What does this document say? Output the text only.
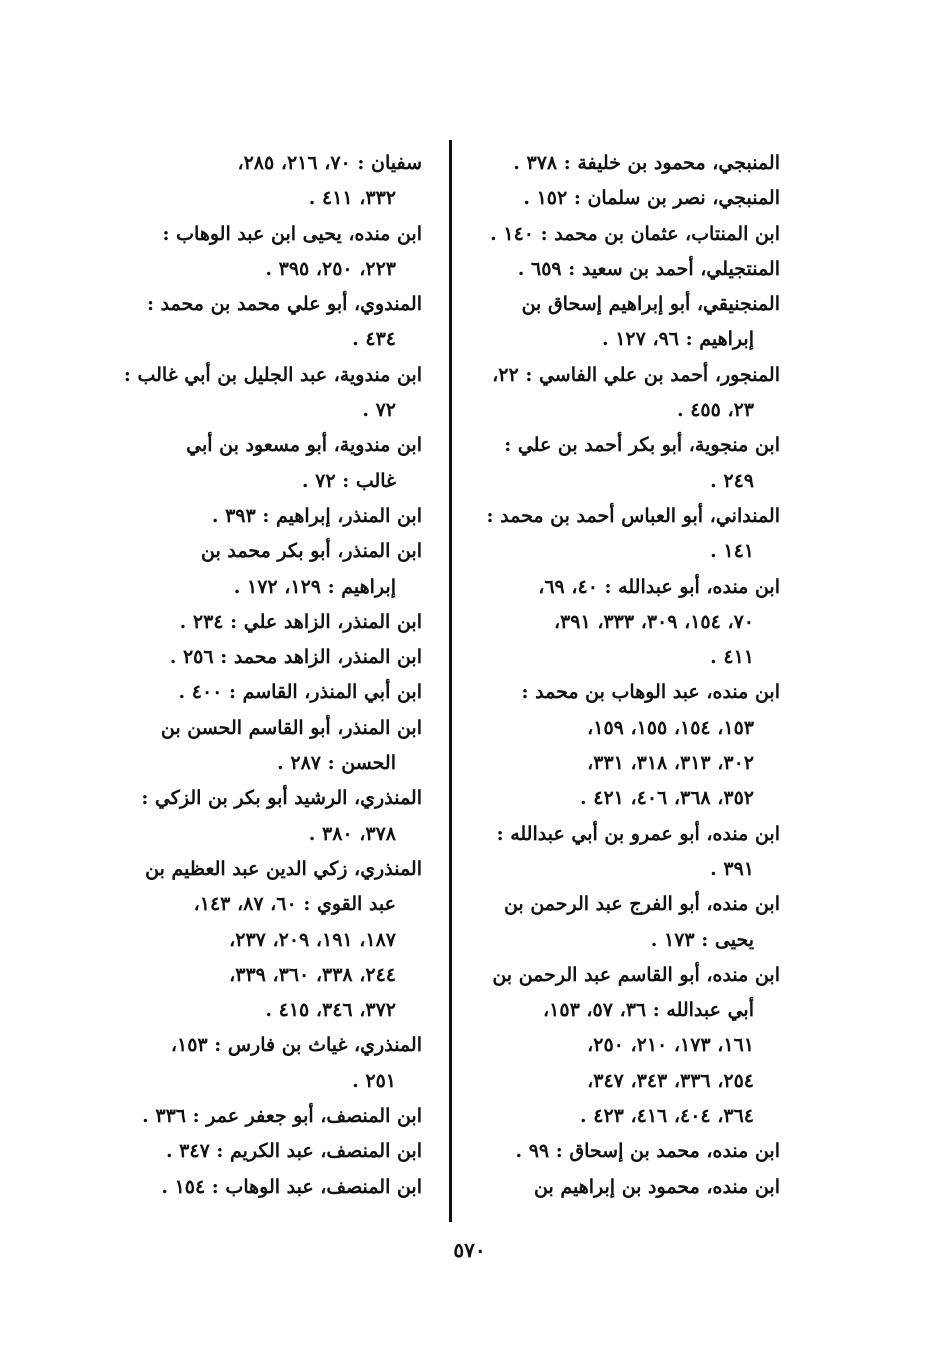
المنبجي، محمود بن خليفة : ٣٧٨ .
المنبجي، نصر بن سلمان : ١٥٢ .
ابن المنتاب، عثمان بن محمد : ١٤٠ .
المنتجيلي، أحمد بن سعيد : ٦٥٩ .
المنجنيقي، أبو إبراهيم إسحاق بن
إبراهيم : ٩٦، ١٢٧ .
المنجور، أحمد بن علي الفاسي : ٢٢،
٢٣، ٤٥٥ .
ابن منجوية، أبو بكر أحمد بن علي :
٢٤٩ .
المنداني، أبو العباس أحمد بن محمد :
١٤١ .
ابن منده، أبو عبدالله : ٤٠، ٦٩،
٧٠، ١٥٤، ٣٠٩، ٣٣٣، ٣٩١،
٤١١ .
ابن منده، عبد الوهاب بن محمد :
١٥٣، ١٥٤، ١٥٥، ١٥٩،
٣٠٢، ٣١٣، ٣١٨، ٣٣١،
٣٥٢، ٣٦٨، ٤٠٦، ٤٢١ .
ابن منده، أبو عمرو بن أبي عبدالله :
٣٩١ .
ابن منده، أبو الفرج عبد الرحمن بن
يحيى : ١٧٣ .
ابن منده، أبو القاسم عبد الرحمن بن
أبي عبدالله : ٣٦، ٥٧، ١٥٣،
١٦١، ١٧٣، ٢١٠، ٢٥٠،
٢٥٤، ٣٣٦، ٣٤٣، ٣٤٧،
٣٦٤، ٤٠٤، ٤١٦، ٤٢٣ .
ابن منده، محمد بن إسحاق : ٩٩ .
ابن منده، محمود بن إبراهيم بن
سفيان : ٧٠، ٢١٦، ٢٨٥،
٣٣٢، ٤١١ .
ابن منده، يحيى ابن عبد الوهاب :
٢٢٣، ٢٥٠، ٣٩٥ .
المندوي، أبو علي محمد بن محمد :
٤٣٤ .
ابن مندوية، عبد الجليل بن أبي غالب :
٧٢ .
ابن مندوية، أبو مسعود بن أبي
غالب : ٧٢ .
ابن المنذر، إبراهيم : ٣٩٣ .
ابن المنذر، أبو بكر محمد بن
إبراهيم : ١٢٩، ١٧٢ .
ابن المنذر، الزاهد علي : ٢٣٤ .
ابن المنذر، الزاهد محمد : ٢٥٦ .
ابن أبي المنذر، القاسم : ٤٠٠ .
ابن المنذر، أبو القاسم الحسن بن
الحسن : ٢٨٧ .
المنذري، الرشيد أبو بكر بن الزكي :
٣٧٨، ٣٨٠ .
المنذري، زكي الدين عبد العظيم بن
عبد القوي : ٦٠، ٨٧، ١٤٣،
١٨٧، ١٩١، ٢٠٩، ٢٣٧،
٢٤٤، ٣٣٨، ٣٦٠، ٣٣٩،
٣٧٢، ٣٤٦، ٤١٥ .
المنذري، غياث بن فارس : ١٥٣،
٢٥١ .
ابن المنصف، أبو جعفر عمر : ٣٣٦ .
ابن المنصف، عبد الكريم : ٣٤٧ .
ابن المنصف، عبد الوهاب : ١٥٤ .
٥٧٠
